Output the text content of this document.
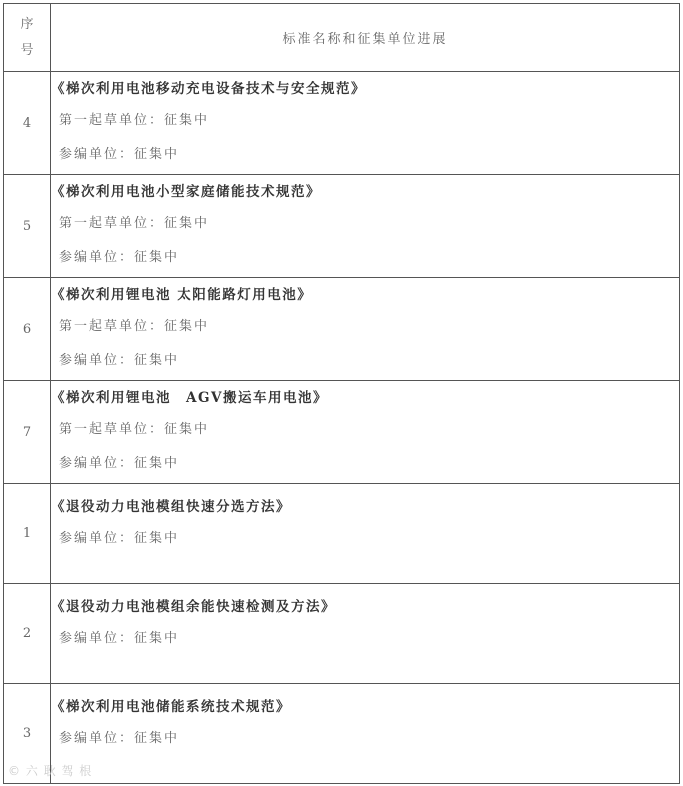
序
号	标准名称和征集单位进展
4	《梯次利用电池移动充电设备技术与安全规范》
第一起草单位：征集中
参编单位：征集中

5	《梯次利用电池小型家庭储能技术规范》
第一起草单位：征集中
参编单位：征集中

6	《梯次利用锂电池 太阳能路灯用电池》
第一起草单位：征集中
参编单位：征集中

7	《梯次利用锂电池　AGV搬运车用电池》
第一起草单位：征集中
参编单位：征集中

1	《退役动力电池模组快速分选方法》
参编单位：征集中

2	《退役动力电池模组余能快速检测及方法》
参编单位：征集中

3	《梯次利用电池储能系统技术规范》
参编单位：征集中
© 六 耿 驾 根
